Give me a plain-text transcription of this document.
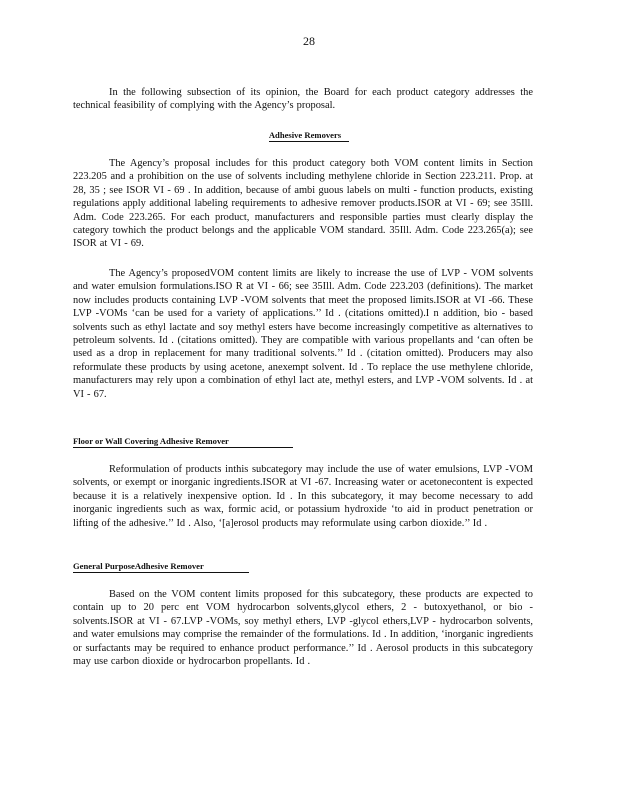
28

In the following subsection of its opinion, the Board for each product category addresses the technical feasibility of complying with the Agency’s proposal.

Adhesive Removers

The Agency’s proposal includes for this product category both VOM content limits in Section 223.205 and a prohibition on the use of solvents including methylene chloride in Section 223.211. Prop. at 28, 35 ; see ISOR VI - 69 . In addition, because of ambi guous labels on multi - function products, existing regulations apply additional labeling requirements to adhesive remover products.ISOR at VI - 69; see 35Ill. Adm. Code 223.265. For each product, manufacturers and responsible parties must clearly display the category towhich the product belongs and the applicable VOM standard. 35Ill. Adm. Code 223.265(a); see ISOR at VI - 69.

The Agency’s proposedVOM content limits are likely to increase the use of LVP - VOM solvents and water emulsion formulations.ISO R at VI - 66; see 35Ill. Adm. Code 223.203 (definitions). The market now includes products containing LVP -VOM solvents that meet the proposed limits.ISOR at VI -66. These LVP -VOMs ‘can be used for a variety of applications.’’ Id . (citations omitted).I n addition, bio - based solvents such as ethyl lactate and soy methyl esters have become increasingly competitive as alternatives to petroleum solvents. Id . (citations omitted). They are compatible with various propellants and ‘can often be used as a drop in replacement for many traditional solvents.’’ Id . (citation omitted). Producers may also reformulate these products by using acetone, anexempt solvent. Id . To replace the use methylene chloride, manufacturers may rely upon a combination of ethyl lact ate, methyl esters, and LVP -VOM solvents. Id . at VI - 67.

Floor or Wall Covering Adhesive Remover

Reformulation of products inthis subcategory may include the use of water emulsions, LVP -VOM solvents, or exempt or inorganic ingredients.ISOR at VI -67. Increasing water or acetonecontent is expected because it is a relatively inexpensive option. Id . In this subcategory, it may become necessary to add inorganic ingredients such as wax, formic acid, or potassium hydroxide ‘to aid in product penetration or lifting of the adhesive.’’ Id . Also, ‘[a]erosol products may reformulate using carbon dioxide.’’ Id .

General PurposeAdhesive Remover

Based on the VOM content limits proposed for this subcategory, these products are expected to contain up to 20 perc ent VOM hydrocarbon solvents,glycol ethers, 2 - butoxyethanol, or bio - solvents.ISOR at VI - 67.LVP -VOMs, soy methyl ethers, LVP -glycol ethers,LVP - hydrocarbon solvents, and water emulsions may comprise the remainder of the formulations. Id . In addition, ‘inorganic ingredients or surfactants may be required to enhance product performance.’’ Id . Aerosol products in this subcategory may use carbon dioxide or hydrocarbon propellants. Id .
